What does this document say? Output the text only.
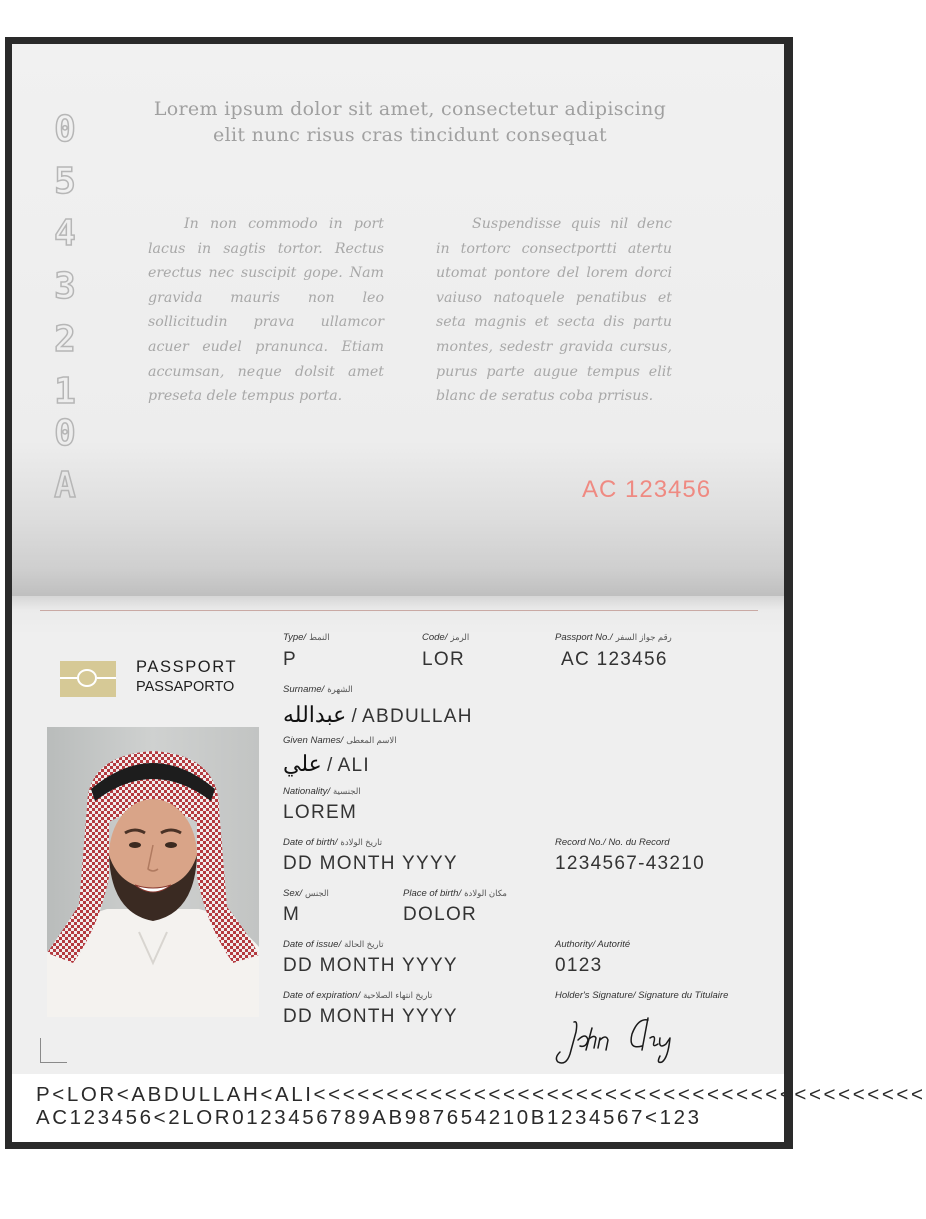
0
5
4
3
2
1
0
A
Lorem ipsum dolor sit amet, consectetur adipiscing
elit nunc risus cras tincidunt consequat
In non commodo in port lacus in sagtis tortor. Rectus erectus nec suscipit gope. Nam gravida mauris non leo sollicitudin prava ullamcor acuer eudel pranunca. Etiam accumsan, neque dolsit amet preseta dele tempus porta.
Suspendisse quis nil denc in tortorc consectportti atertu utomat pontore del lorem dorci vaiuso natoquele penatibus et seta magnis et secta dis partu montes, sedestr gravida cursus, purus parte augue tempus elit blanc de seratus coba prrisus.
AC 123456
PASSPORT
PASSAPORTO
Type/ النمط
P
Code/ الرمز
LOR
Passport No./ رقم جواز السفر
AC 123456
Surname/ الشهرة
عبدالله / ABDULLAH
Given Names/ الاسم المعطى
علي / ALI
Nationality/ الجنسية
LOREM
Date of birth/ تاريخ الولادة
DD MONTH YYYY
Record No./ No. du Record
1234567-43210
Sex/ الجنس
M
Place of birth/ مكان الولادة
DOLOR
Date of issue/ تاريخ الحالة
DD MONTH YYYY
Authority/ Autorité
0123
Date of expiration/ تاريخ انتهاء الصلاحية
DD MONTH YYYY
Holder's Signature/ Signature du Titulaire
P<LOR<ABDULLAH<ALI<<<<<<<<<<<<<<<<<<<<<<<<<<<<<<<<<<<<<<<<<<
AC123456<2LOR0123456789AB987654210B1234567<123
